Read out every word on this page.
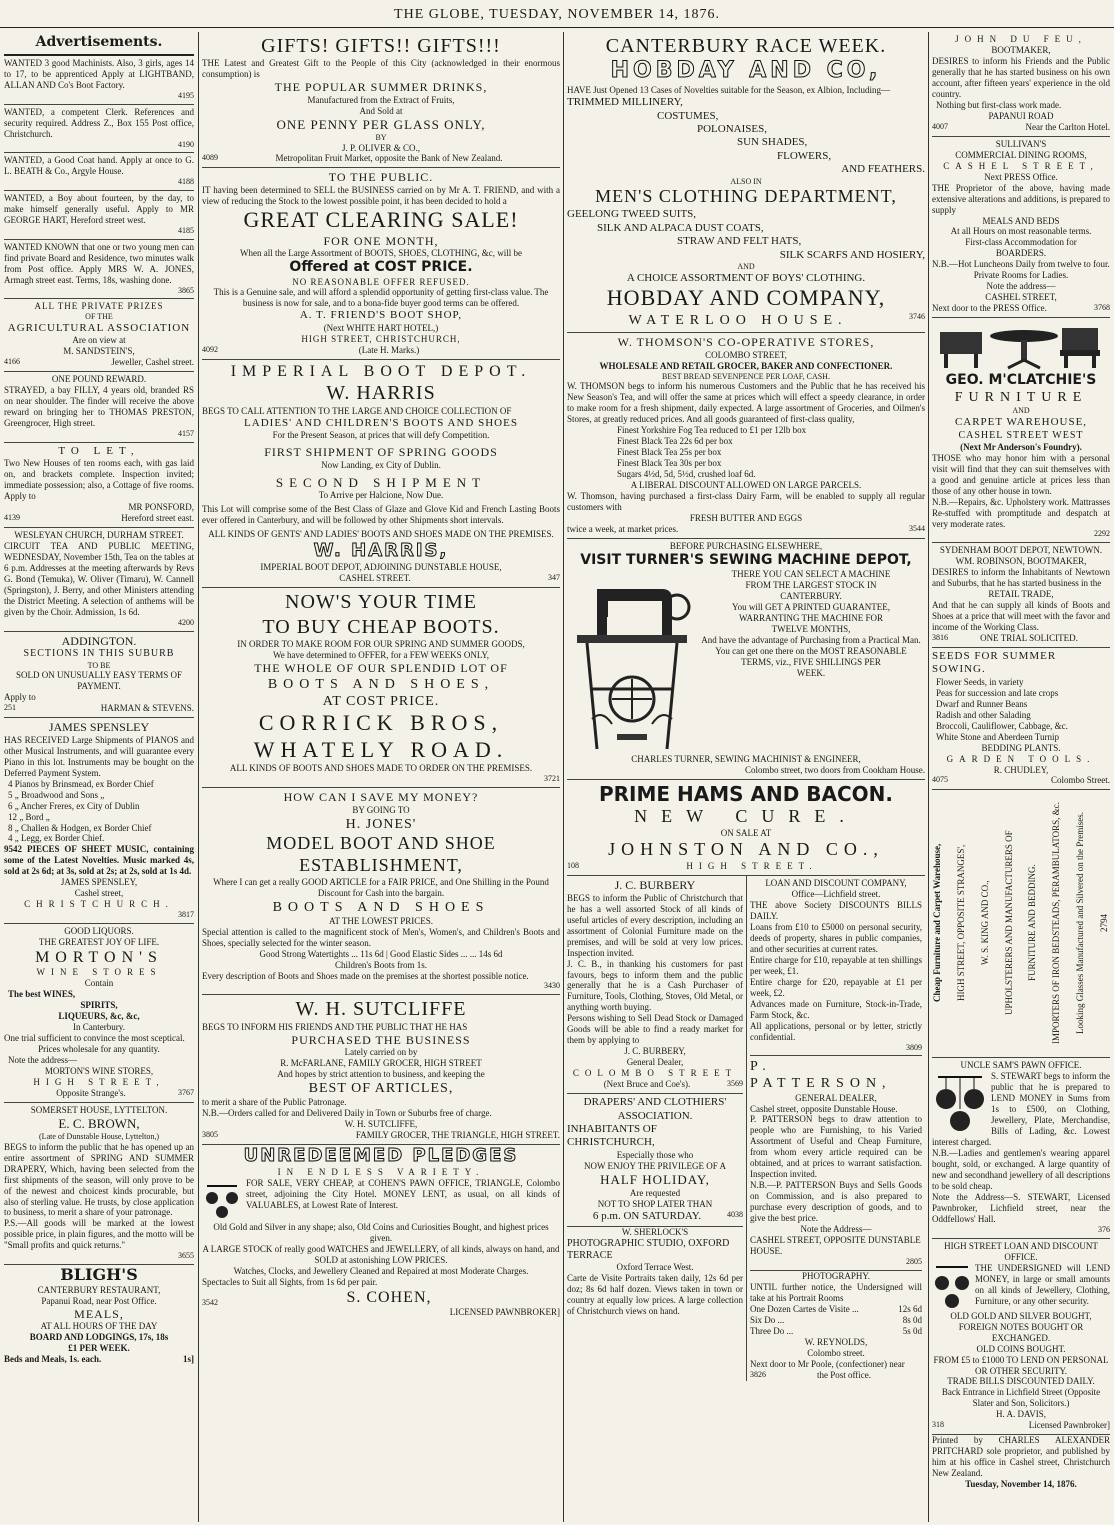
THE GLOBE, TUESDAY, NOVEMBER 14, 1876.
Advertisements.
WANTED 3 good Machinists. Also, 3 girls, ages 14 to 17, to be apprenticed Apply at LIGHTBAND, ALLAN AND Co's Boot Factory.
4195
WANTED, a competent Clerk. References and security required. Address Z., Box 155 Post office, Christchurch.
4190
WANTED, a Good Coat hand. Apply at once to G. L. BEATH & Co., Argyle House.
4188
WANTED, a Boy about fourteen, by the day, to make himself generally useful. Apply to MR GEORGE HART, Hereford street west.
4185
WANTED KNOWN that one or two young men can find private Board and Residence, two minutes walk from Post office. Apply MRS W. A. JONES, Armagh street east. Terms, 18s, washing done.
3865
ALL THE PRIVATE PRIZES
OF THE
AGRICULTURAL ASSOCIATION
Are on view at
M. SANDSTEIN'S,
4166	Jeweller, Cashel street.
ONE POUND REWARD.
STRAYED, a bay FILLY, 4 years old, branded RS on near shoulder. The finder will receive the above reward on bringing her to THOMAS PRESTON, Greengrocer, High street.
4157
TO LET,
Two New Houses of ten rooms each, with gas laid on, and brackets complete. Inspection invited; immediate possession; also, a Cottage of five rooms. Apply to
MR PONSFORD,
4139	Hereford street east.
WESLEYAN CHURCH, DURHAM STREET.
CIRCUIT TEA AND PUBLIC MEETING, WEDNESDAY, November 15th, Tea on the tables at 6 p.m. Addresses at the meeting afterwards by Revs G. Bond (Temuka), W. Oliver (Timaru), W. Cannell (Springston), J. Berry, and other Ministers attending the District Meeting. A selection of anthems will be given by the Choir. Admission, 1s 6d.
4200
ADDINGTON.
SECTIONS IN THIS SUBURB
TO BE
SOLD ON UNUSUALLY EASY TERMS OF PAYMENT.
Apply to
251	HARMAN & STEVENS.
JAMES SPENSLEY
HAS RECEIVED Large Shipments of PIANOS and other Musical Instruments, and will guarantee every Piano in this lot. Instruments may be bought on the Deferred Payment System.
4 Pianos by Brinsmead, ex Border Chief
5 „ Broadwood and Sons „
6 „ Ancher Freres, ex City of Dublin
12 „ Bord „
8 „ Challen & Hodgen, ex Border Chief
4 „ Legg, ex Border Chief.
9542 PIECES OF SHEET MUSIC, containing some of the Latest Novelties. Music marked 4s, sold at 2s 6d; at 3s, sold at 2s; at 2s, sold at 1s 4d.
JAMES SPENSLEY,
Cashel street,
CHRISTCHURCH.
3817
GOOD LIQUORS.
THE GREATEST JOY OF LIFE.
MORTON'S
WINE STORES
Contain
The best WINES,
SPIRITS,
LIQUEURS, &c, &c,
In Canterbury.
One trial sufficient to convince the most sceptical.
Prices wholesale for any quantity.
Note the address—
MORTON'S WINE STORES,
HIGH STREET,
Opposite Strange's.	3767
SOMERSET HOUSE, LYTTELTON.
E. C. BROWN,
(Late of Dunstable House, Lyttelton,)
BEGS to inform the public that he has opened up an entire assortment of SPRING AND SUMMER DRAPERY, Which, having been selected from the first shipments of the season, will only prove to be of the newest and choicest kinds procurable, but also of sterling value. He trusts, by close application to business, to merit a share of your patronage.
P.S.—All goods will be marked at the lowest possible price, in plain figures, and the motto will be "Small profits and quick returns."
3655
BLIGH'S
CANTERBURY RESTAURANT,
Papanui Road, near Post Office.
MEALS,
AT ALL HOURS OF THE DAY
BOARD AND LODGINGS, 17s, 18s
£1 PER WEEK.
Beds and Meals, 1s. each.	1s]
GIFTS! GIFTS!! GIFTS!!!
THE Latest and Greatest Gift to the People of this City (acknowledged in their enormous consumption) is
THE POPULAR SUMMER DRINKS,
Manufactured from the Extract of Fruits,
And Sold at
ONE PENNY PER GLASS ONLY,
BY
J. P. OLIVER & CO.,
4089	Metropolitan Fruit Market, opposite the Bank of New Zealand.
TO THE PUBLIC.
IT having been determined to SELL the BUSINESS carried on by Mr A. T. FRIEND, and with a view of reducing the Stock to the lowest possible point, it has been decided to hold a
GREAT CLEARING SALE!
FOR ONE MONTH,
When all the Large Assortment of BOOTS, SHOES, CLOTHING, &c, will be
Offered at COST PRICE.
NO REASONABLE OFFER REFUSED.
This is a Genuine sale, and will afford a splendid opportunity of getting first-class value. The business is now for sale, and to a bona-fide buyer good terms can be offered.
A. T. FRIEND'S BOOT SHOP,
(Next WHITE HART HOTEL,)
HIGH STREET, CHRISTCHURCH,
4092	(Late H. Marks.)
IMPERIAL BOOT DEPOT.
W. HARRIS
BEGS TO CALL ATTENTION TO THE LARGE AND CHOICE COLLECTION OF
LADIES' AND CHILDREN'S BOOTS AND SHOES
For the Present Season, at prices that will defy Competition.
FIRST SHIPMENT OF SPRING GOODS
Now Landing, ex City of Dublin.
SECOND SHIPMENT
To Arrive per Halcione, Now Due.
This Lot will comprise some of the Best Class of Glaze and Glove Kid and French Lasting Boots ever offered in Canterbury, and will be followed by other Shipments short intervals.
ALL KINDS OF GENTS' AND LADIES' BOOTS AND SHOES MADE ON THE PREMISES.
W. HARRIS,
IMPERIAL BOOT DEPOT, ADJOINING DUNSTABLE HOUSE,
CASHEL STREET.	347
NOW'S YOUR TIME
TO BUY CHEAP BOOTS.
IN ORDER TO MAKE ROOM FOR OUR SPRING AND SUMMER GOODS,
We have determined to OFFER, for a FEW WEEKS ONLY,
THE WHOLE OF OUR SPLENDID LOT OF
BOOTS AND SHOES,
AT COST PRICE.
CORRICK BROS,
WHATELY ROAD.
ALL KINDS OF BOOTS AND SHOES MADE TO ORDER ON THE PREMISES.
3721
HOW CAN I SAVE MY MONEY?
BY GOING TO
H. JONES'
MODEL BOOT AND SHOE
ESTABLISHMENT,
Where I can get a really GOOD ARTICLE for a FAIR PRICE, and One Shilling in the Pound Discount for Cash into the bargain.
BOOTS AND SHOES
AT THE LOWEST PRICES.
Special attention is called to the magnificent stock of Men's, Women's, and Children's Boots and Shoes, specially selected for the winter season.
Good Strong Watertights ... 11s 6d | Good Elastic Sides ... ... 14s 6d
Children's Boots from 1s.
Every description of Boots and Shoes made on the premises at the shortest possible notice.
3430
W. H. SUTCLIFFE
BEGS TO INFORM HIS FRIENDS AND THE PUBLIC THAT HE HAS
PURCHASED THE BUSINESS
Lately carried on by
R. McFARLANE, FAMILY GROCER, HIGH STREET
And hopes by strict attention to business, and keeping the
BEST OF ARTICLES,
to merit a share of the Public Patronage.
N.B.—Orders called for and Delivered Daily in Town or Suburbs free of charge.
W. H. SUTCLIFFE,
3805	FAMILY GROCER, THE TRIANGLE, HIGH STREET.
UNREDEEMED PLEDGES
IN ENDLESS VARIETY.
FOR SALE, VERY CHEAP, at COHEN'S PAWN OFFICE, TRIANGLE, Colombo street, adjoining the City Hotel. MONEY LENT, as usual, on all kinds of VALUABLES, at Lowest Rate of Interest.
Old Gold and Silver in any shape; also, Old Coins and Curiosities Bought, and highest prices given.
A LARGE STOCK of really good WATCHES and JEWELLERY, of all kinds, always on hand, and SOLD at astonishing LOW PRICES.
Watches, Clocks, and Jewellery Cleaned and Repaired at most Moderate Charges.
Spectacles to Suit all Sights, from 1s 6d per pair.
3542	S. COHEN,
LICENSED PAWNBROKER]
CANTERBURY RACE WEEK.
HOBDAY AND CO,
HAVE Just Opened 13 Cases of Novelties suitable for the Season, ex Albion, Including—
TRIMMED MILLINERY,
COSTUMES,
POLONAISES,
SUN SHADES,
FLOWERS,
AND FEATHERS.
ALSO IN
MEN'S CLOTHING DEPARTMENT,
GEELONG TWEED SUITS,
SILK AND ALPACA DUST COATS,
STRAW AND FELT HATS,
SILK SCARFS AND HOSIERY,
AND
A CHOICE ASSORTMENT OF BOYS' CLOTHING.
HOBDAY AND COMPANY,
WATERLOO HOUSE.	3746
W. THOMSON'S CO-OPERATIVE STORES,
COLOMBO STREET,
WHOLESALE AND RETAIL GROCER, BAKER AND CONFECTIONER.
BEST BREAD SEVENPENCE PER LOAF, CASH.
W. THOMSON begs to inform his numerous Customers and the Public that he has received his New Season's Tea, and will offer the same at prices which will effect a speedy clearance, in order to make room for a fresh shipment, daily expected. A large assortment of Groceries, and Oilmen's Stores, at greatly reduced prices. And all goods guaranteed of first-class quality,
Finest Yorkshire Fog Tea reduced to £1 per 12lb box
Finest Black Tea 22s 6d per box
Finest Black Tea 25s per box
Finest Black Tea 30s per box
Sugars 4½d, 5d, 5½d, crushed loaf 6d.
A LIBERAL DISCOUNT ALLOWED ON LARGE PARCELS.
W. Thomson, having purchased a first-class Dairy Farm, will be enabled to supply all regular customers with
FRESH BUTTER AND EGGS
twice a week, at market prices.	3544
BEFORE PURCHASING ELSEWHERE,
VISIT TURNER'S SEWING MACHINE DEPOT,
THERE YOU CAN SELECT A MACHINE
FROM THE LARGEST STOCK IN
CANTERBURY.
You will GET A PRINTED GUARANTEE,
WARRANTING THE MACHINE FOR
TWELVE MONTHS,
And have the advantage of Purchasing from a Practical Man.
You can get one there on the MOST REASONABLE
TERMS, viz., FIVE SHILLINGS PER
WEEK.
CHARLES TURNER, SEWING MACHINIST & ENGINEER,
Colombo street, two doors from Cookham House.
PRIME HAMS AND BACON.
NEW CURE.
ON SALE AT
JOHNSTON AND CO.,
108	HIGH STREET.
J. C. BURBERY
BEGS to inform the Public of Christchurch that he has a well assorted Stock of all kinds of useful articles of every description, including an assortment of Colonial Furniture made on the premises, and will be sold at very low prices. Inspection invited.
J. C. B., in thanking his customers for past favours, begs to inform them and the public generally that he is a Cash Purchaser of Furniture, Tools, Clothing, Stoves, Old Metal, or anything worth buying.
Persons wishing to Sell Dead Stock or Damaged Goods will be able to find a ready market for them by applying to
J. C. BURBERY,
General Dealer,
COLOMBO STREET
(Next Bruce and Coe's).	3569
DRAPERS' AND CLOTHIERS' ASSOCIATION.
INHABITANTS OF CHRISTCHURCH,
Especially those who
NOW ENJOY THE PRIVILEGE OF A
HALF HOLIDAY,
Are requested
NOT TO SHOP LATER THAN
6 p.m. ON SATURDAY.	4038
W. SHERLOCK'S
PHOTOGRAPHIC STUDIO, OXFORD TERRACE
Oxford Terrace West.
Carte de Visite Portraits taken daily, 12s 6d per doz; 8s 6d half dozen. Views taken in town or country at equally low prices. A large collection of Christchurch views on hand.
LOAN AND DISCOUNT COMPANY,
Office—Lichfield street.
THE above Society DISCOUNTS BILLS DAILY.
Loans from £10 to £5000 on personal security, deeds of property, shares in public companies, and other securities at current rates.
Entire charge for £10, repayable at ten shillings per week, £1.
Entire charge for £20, repayable at £1 per week, £2.
Advances made on Furniture, Stock-in-Trade, Farm Stock, &c.
All applications, personal or by letter, strictly confidential.
3809
P. PATTERSON,
GENERAL DEALER,
Cashel street, opposite Dunstable House.
P. PATTERSON begs to draw attention to people who are Furnishing, to his Varied Assortment of Useful and Cheap Furniture, from whom every article required can be obtained, and at prices to warrant satisfaction. Inspection invited.
N.B.—P. PATTERSON Buys and Sells Goods on Commission, and is also prepared to purchase every description of goods, and to give the best price.
Note the Address—
CASHEL STREET, OPPOSITE DUNSTABLE HOUSE.
2805
PHOTOGRAPHY.
UNTIL further notice, the Undersigned will take at his Portrait Rooms
One Dozen Cartes de Visite ...	12s 6d
Six Do ...	8s 0d
Three Do ...	5s 0d
W. REYNOLDS,
Colombo street.
Next door to Mr Poole, (confectioner) near
3826	the Post office.
JOHN DU FEU,
BOOTMAKER,
DESIRES to inform his Friends and the Public generally that he has started business on his own account, after fifteen years' experience in the old country.
Nothing but first-class work made.
PAPANUI ROAD
4007	Near the Carlton Hotel.
SULLIVAN'S
COMMERCIAL DINING ROOMS,
CASHEL STREET,
Next PRESS Office.
THE Proprietor of the above, having made extensive alterations and additions, is prepared to supply
MEALS AND BEDS
At all Hours on most reasonable terms.
First-class Accommodation for
BOARDERS.
N.B.—Hot Luncheons Daily from twelve to four.
Private Rooms for Ladies.
Note the address—
CASHEL STREET,
Next door to the PRESS Office.	3768
GEO. M'CLATCHIE'S
FURNITURE
AND
CARPET WAREHOUSE,
CASHEL STREET WEST
(Next Mr Anderson's Foundry).
THOSE who may honor him with a personal visit will find that they can suit themselves with a good and genuine article at prices less than those of any other house in town.
N.B.—Repairs, &c. Upholstery work. Mattrasses Re-stuffed with promptitude and despatch at very moderate rates.
2292
SYDENHAM BOOT DEPOT, NEWTOWN.
WM. ROBINSON, BOOTMAKER,
DESIRES to inform the Inhabitants of Newtown and Suburbs, that he has started business in the
RETAIL TRADE,
And that he can supply all kinds of Boots and Shoes at a price that will meet with the favor and income of the Working Class.
3816	ONE TRIAL SOLICITED.
SEEDS FOR SUMMER SOWING.
Flower Seeds, in variety
Peas for succession and late crops
Dwarf and Runner Beans
Radish and other Salading
Broccoli, Cauliflower, Cabbage, &c.
White Stone and Aberdeen Turnip
BEDDING PLANTS.
GARDEN TOOLS.
R. CHUDLEY,
4075	Colombo Street.
Cheap Furniture and Carpet Warehouse, HIGH STREET, OPPOSITE STRANGES', W. S. KING AND CO., UPHOLSTERERS AND MANUFACTURERS OF FURNITURE AND BEDDING. IMPORTERS OF IRON BEDSTEADS, PERAMBULATORS, &c. Looking Glasses Manufactured and Silvered on the Premises. 2794
UNCLE SAM'S PAWN OFFICE.
S. STEWART begs to inform the public that he is prepared to LEND MONEY in Sums from 1s to £500, on Clothing, Jewellery, Plate, Merchandise, Bills of Lading, &c. Lowest interest charged.
N.B.—Ladies and gentlemen's wearing apparel bought, sold, or exchanged. A large quantity of new and secondhand jewellery of all descriptions to be sold cheap.
Note the Address—S. STEWART, Licensed Pawnbroker, Lichfield street, near the Oddfellows' Hall.
376
HIGH STREET LOAN AND DISCOUNT OFFICE.
THE UNDERSIGNED will LEND MONEY, in large or small amounts on all kinds of Jewellery, Clothing, Furniture, or any other security.
OLD GOLD AND SILVER BOUGHT, FOREIGN NOTES BOUGHT OR EXCHANGED.
OLD COINS BOUGHT.
FROM £5 to £1000 TO LEND ON PERSONAL OR OTHER SECURITY.
TRADE BILLS DISCOUNTED DAILY.
Back Entrance in Lichfield Street (Opposite Slater and Son, Solicitors.)
H. A. DAVIS,
318	Licensed Pawnbroker]
Printed by CHARLES ALEXANDER PRITCHARD sole proprietor, and published by him at his office in Cashel street, Christchurch New Zealand.
Tuesday, November 14, 1876.
